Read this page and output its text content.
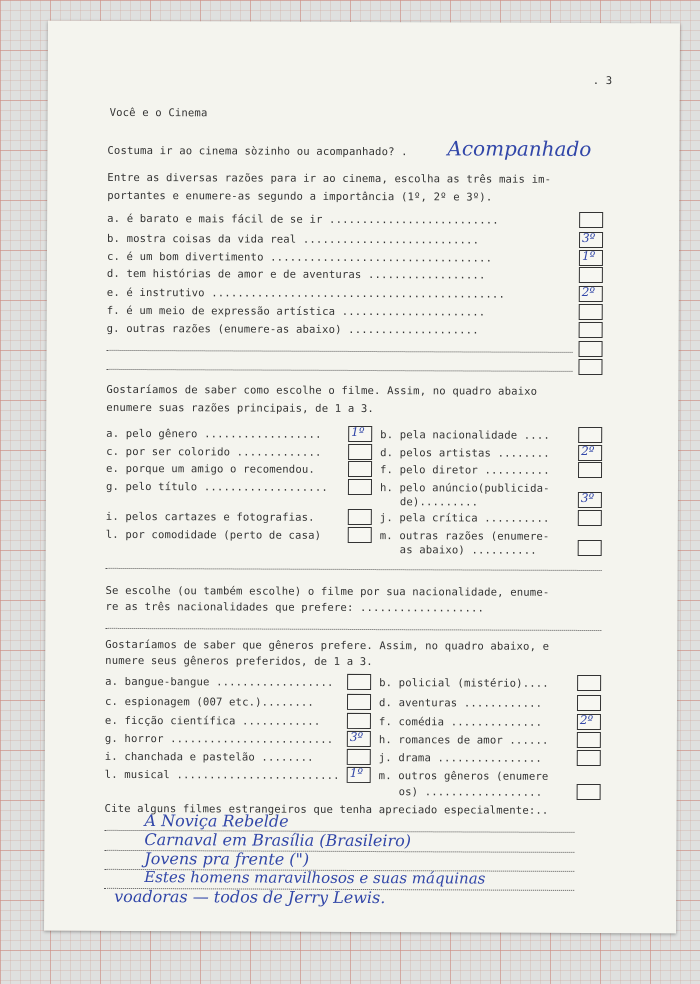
. 3
Você e o Cinema
Costuma ir ao cinema sòzinho ou acompanhado? . Acompanhado
Entre as diversas razões para ir ao cinema, escolha as três mais im-
portantes e enumere-as segundo a importância (1º, 2º e 3º).
a. é barato e mais fácil de se ir ..........................
b. mostra coisas da vida real ...........................	3º
c. é um bom divertimento ..................................	1º
d. tem histórias de amor e de aventuras ..................
e. é instrutivo .............................................	2º
f. é um meio de expressão artística ......................
g. outras razões (enumere-as abaixo) ....................
Gostaríamos de saber como escolhe o filme. Assim, no quadro abaixo
enumere suas razões principais, de 1 a 3.
a. pelo gênero .................. 1º
c. por ser colorido .............
e. porque um amigo o recomendou.
g. pelo título ...................
i. pelos cartazes e fotografias.
l. por comodidade (perto de casa)
b. pela nacionalidade ....
d. pelos artistas ........	2º
f. pelo diretor ..........
h. pelo anúncio(publicida-
de).........	3º
j. pela crítica ..........
m. outras razões (enumere-
as abaixo) ..........
Se escolhe (ou também escolhe) o filme por sua nacionalidade, enume-
re as três nacionalidades que prefere: ...................
Gostaríamos de saber que gêneros prefere. Assim, no quadro abaixo, e
numere seus gêneros preferidos, de 1 a 3.
a. bangue-bangue ..................
c. espionagem (007 etc.)........
e. ficção científica ............
g. horror ......................... 3º
i. chanchada e pastelão ........
l. musical ......................... 1º
b. policial (mistério)....
d. aventuras ............
f. comédia ..............	2º
h. romances de amor ......
j. drama ................
m. outros gêneros (enumere
os) ..................
Cite alguns filmes estrangeiros que tenha apreciado especialmente:..
A Noviça Rebelde
Carnaval em Brasília (Brasileiro)
Jovens pra frente (")
Estes homens maravilhosos e suas máquinas
voadoras — todos de Jerry Lewis.
